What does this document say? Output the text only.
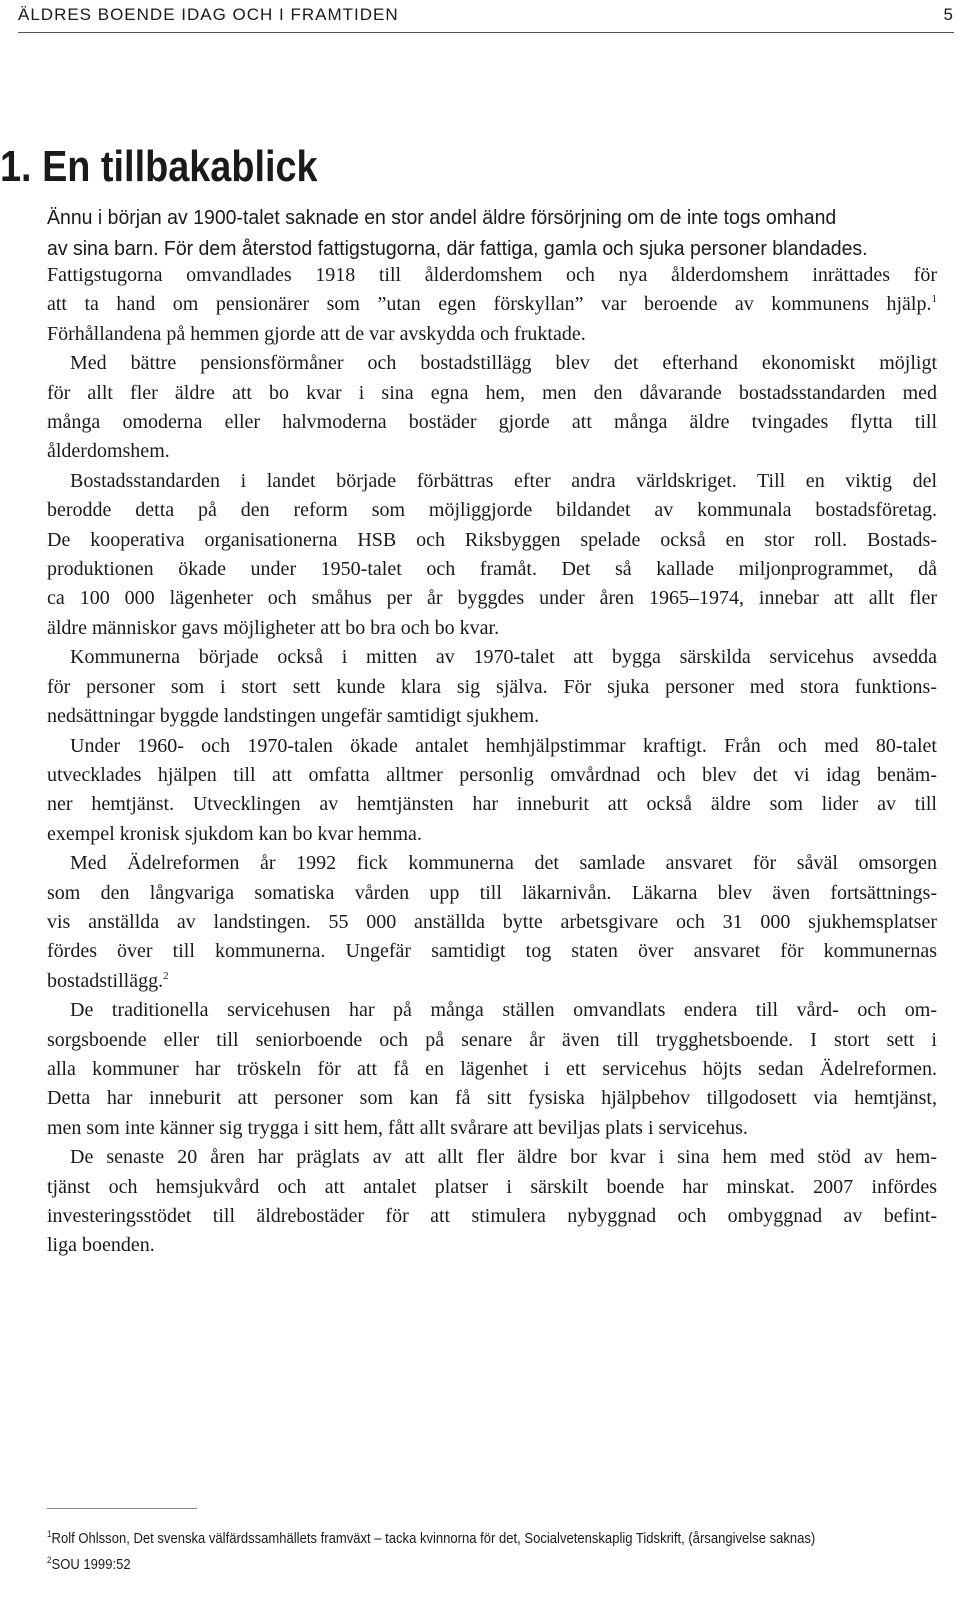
ÄLDRES BOENDE IDAG OCH I FRAMTIDEN	5
1. En tillbakablick
Ännu i början av 1900-talet saknade en stor andel äldre försörjning om de inte togs omhand
av sina barn. För dem återstod fattigstugorna, där fattiga, gamla och sjuka personer blandades.
Fattigstugorna omvandlades 1918 till ålderdomshem och nya ålderdomshem inrättades för
att ta hand om pensionärer som ”utan egen förskyllan” var beroende av kommunens hjälp.$^1$
Förhållandena på hemmen gjorde att de var avskydda och fruktade.
Med bättre pensionsförmåner och bostadstillägg blev det efterhand ekonomiskt möjligt
för allt fler äldre att bo kvar i sina egna hem, men den dåvarande bostadsstandarden med
många omoderna eller halvmoderna bostäder gjorde att många äldre tvingades flytta till
ålderdomshem.
Bostadsstandarden i landet började förbättras efter andra världskriget. Till en viktig del
berodde detta på den reform som möjliggjorde bildandet av kommunala bostadsföretag.
De kooperativa organisationerna HSB och Riksbyggen spelade också en stor roll. Bostads-
produktionen ökade under 1950-talet och framåt. Det så kallade miljonprogrammet, då
ca 100 000 lägenheter och småhus per år byggdes under åren 1965–1974, innebar att allt fler
äldre människor gavs möjligheter att bo bra och bo kvar.
Kommunerna började också i mitten av 1970-talet att bygga särskilda servicehus avsedda
för personer som i stort sett kunde klara sig själva. För sjuka personer med stora funktions-
nedsättningar byggde landstingen ungefär samtidigt sjukhem.
Under 1960- och 1970-talen ökade antalet hemhjälpstimmar kraftigt. Från och med 80-talet
utvecklades hjälpen till att omfatta alltmer personlig omvårdnad och blev det vi idag benäm-
ner hemtjänst. Utvecklingen av hemtjänsten har inneburit att också äldre som lider av till
exempel kronisk sjukdom kan bo kvar hemma.
Med Ädelreformen år 1992 fick kommunerna det samlade ansvaret för såväl omsorgen
som den långvariga somatiska vården upp till läkarnivån. Läkarna blev även fortsättnings-
vis anställda av landstingen. 55 000 anställda bytte arbetsgivare och 31 000 sjukhemsplatser
fördes över till kommunerna. Ungefär samtidigt tog staten över ansvaret för kommunernas
bostadstillägg.$^2$
De traditionella servicehusen har på många ställen omvandlats endera till vård- och om-
sorgsboende eller till seniorboende och på senare år även till trygghetsboende. I stort sett i
alla kommuner har tröskeln för att få en lägenhet i ett servicehus höjts sedan Ädelreformen.
Detta har inneburit att personer som kan få sitt fysiska hjälpbehov tillgodosett via hemtjänst,
men som inte känner sig trygga i sitt hem, fått allt svårare att beviljas plats i servicehus.
De senaste 20 åren har präglats av att allt fler äldre bor kvar i sina hem med stöd av hem-
tjänst och hemsjukvård och att antalet platser i särskilt boende har minskat. 2007 infördes
investeringsstödet till äldrebostäder för att stimulera nybyggnad och ombyggnad av befint-
liga boenden.
$^1$Rolf Ohlsson, Det svenska välfärdssamhällets framväxt – tacka kvinnorna för det, Socialvetenskaplig Tidskrift, (årsangivelse saknas)
$^2$SOU 1999:52
